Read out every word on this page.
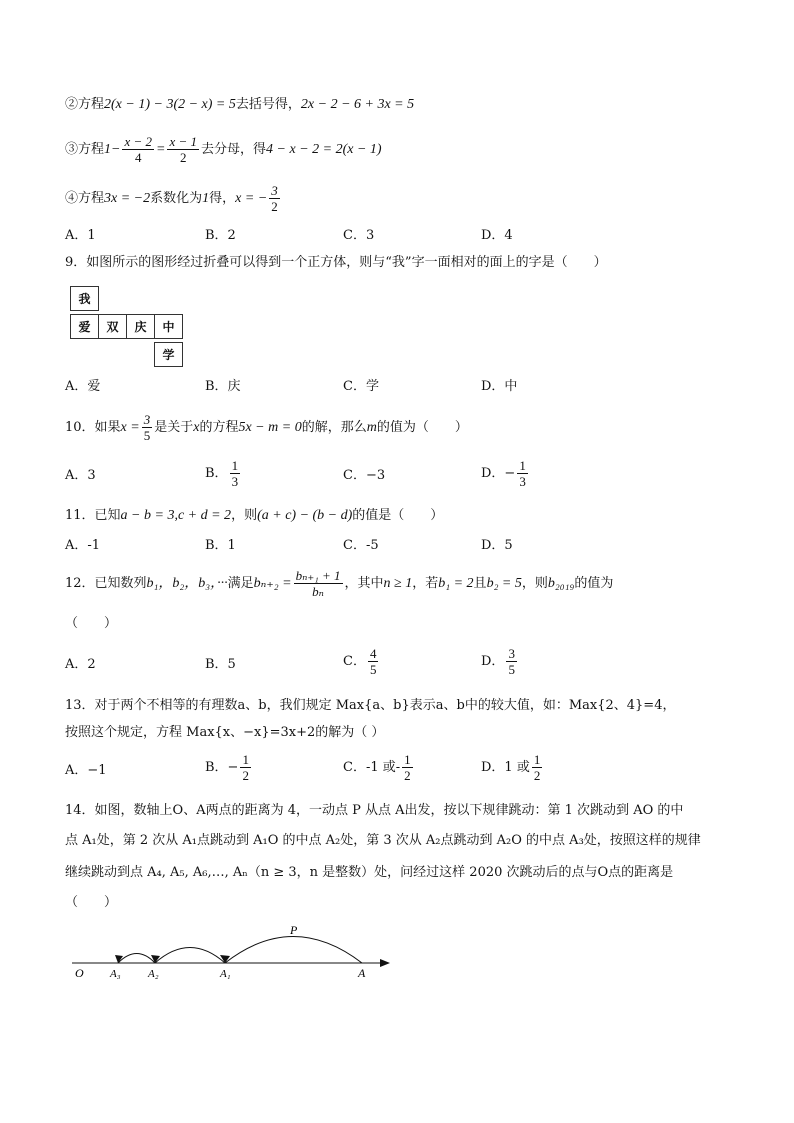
②方程2(x − 1) − 3(2 − x) = 5去括号得，2x − 2 − 6 + 3x = 5
③方程$1- \frac{x - 2}{4} = \frac{x - 1}{2}$ 去分母，得4 − x − 2 = 2(x − 1)
④方程3x = −2系数化为1得，x = − $\frac{3}{2}$
A．1	B．2	C．3	D．4
9．如图所示的图形经过折叠可以得到一个正方体，则与“我”字一面相对的面上的字是（　　）
我
爱	双	庆	中
学
A．爱	B．庆	C．学	D．中
10．如果$x = \frac{3}{5}$ 是关于x的方程5x − m = 0的解，那么m的值为（　　）
A．3	B． $\frac{1}{3}$	C．−3	D．− $\frac{1}{3}$
11．已知a − b = 3,c + d = 2，则(a + c) − (b − d)的值是（　　）
A．-1	B．1	C．-5	D．5
12．已知数列b₁，b₂，b₃，···满足$b_{n+2} = \frac{\text{bₙ₊₁ + 1}}{\text{bₙ}}$ ，其中n ≥ 1，若b₁ = 2且b₂ = 5，则b₂₀₁₉的值为
（　　）
A．2	B．5	C． $\frac{4}{5}$	D． $\frac{3}{5}$
13．对于两个不相等的有理数a、b，我们规定 Max{a、b}表示a、b中的较大值，如：Max{2、4}=4，
按照这个规定，方程 Max{x、−x}=3x+2的解为（ ）
A．−1	B．− $\frac{1}{2}$	C．-1 或- $\frac{1}{2}$	D．1 或 $\frac{1}{2}$
14．如图，数轴上O、A两点的距离为 4，一动点 P 从点 A出发，按以下规律跳动：第 1 次跳动到 AO 的中
点 A₁处，第 2 次从 A₁点跳动到 A₁O 的中点 A₂处，第 3 次从 A₂点跳动到 A₂O 的中点 A₃处，按照这样的规律
继续跳动到点 A₄, A₅, A₆,…, Aₙ（n ≥ 3，n 是整数）处，问经过这样 2020 次跳动后的点与O点的距离是
（　　）
P
O A₃ A₂	A₁	A
